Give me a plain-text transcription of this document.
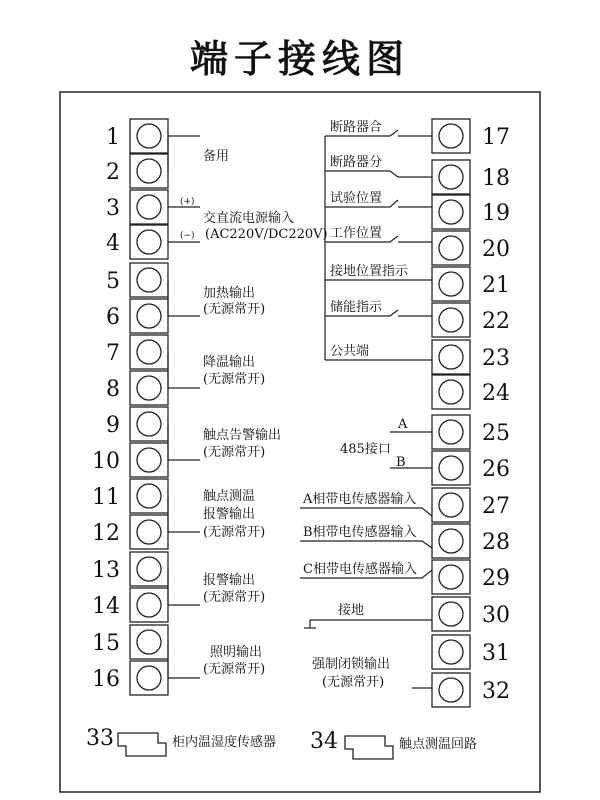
端子接线图
1
2
3
4
5
6
7
8
9
10
11
12
13
14
15
16
17
18
19
20
21
22
23
24
25
26
27
28
29
30
31
32
备用
(+)
(−)
交直流电源输入
(AC220V/DC220V)
加热输出
(无源常开)
降温输出
(无源常开)
触点告警输出
(无源常开)
触点测温
报警输出
(无源常开)
报警输出
(无源常开)
照明输出
(无源常开)
断路器合
断路器分
试验位置
工作位置
接地位置指示
储能指示
公共端
A
485接口
B
A相带电传感器输入
B相带电传感器输入
C相带电传感器输入
接地
强制闭锁输出
(无源常开)
33	柜内温湿度传感器 34	触点测温回路
